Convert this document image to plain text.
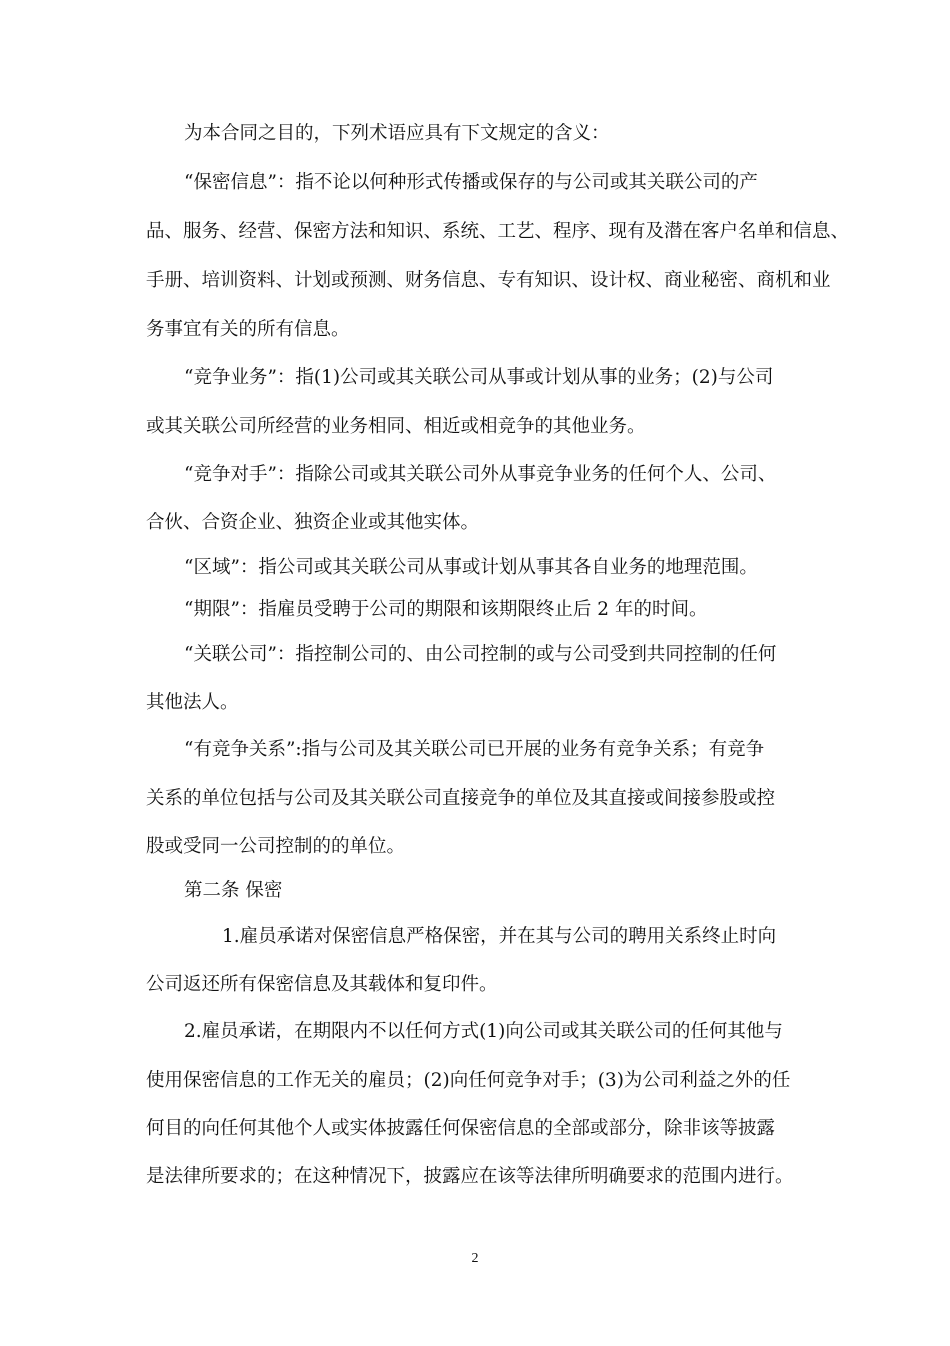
为本合同之目的，下列术语应具有下文规定的含义：
“保密信息”：指不论以何种形式传播或保存的与公司或其关联公司的产
品、服务、经营、保密方法和知识、系统、工艺、程序、现有及潜在客户名单和信息、
手册、培训资料、计划或预测、财务信息、专有知识、设计权、商业秘密、商机和业
务事宜有关的所有信息。
“竞争业务”：指(1)公司或其关联公司从事或计划从事的业务；(2)与公司
或其关联公司所经营的业务相同、相近或相竞争的其他业务。
“竞争对手”：指除公司或其关联公司外从事竞争业务的任何个人、公司、
合伙、合资企业、独资企业或其他实体。
“区域”：指公司或其关联公司从事或计划从事其各自业务的地理范围。
“期限”：指雇员受聘于公司的期限和该期限终止后 2 年的时间。
“关联公司”：指控制公司的、由公司控制的或与公司受到共同控制的任何
其他法人。
“有竞争关系”:指与公司及其关联公司已开展的业务有竞争关系；有竞争
关系的单位包括与公司及其关联公司直接竞争的单位及其直接或间接参股或控
股或受同一公司控制的的单位。
第二条 保密
1.雇员承诺对保密信息严格保密，并在其与公司的聘用关系终止时向
公司返还所有保密信息及其载体和复印件。
2.雇员承诺，在期限内不以任何方式(1)向公司或其关联公司的任何其他与
使用保密信息的工作无关的雇员；(2)向任何竞争对手；(3)为公司利益之外的任
何目的向任何其他个人或实体披露任何保密信息的全部或部分，除非该等披露
是法律所要求的；在这种情况下，披露应在该等法律所明确要求的范围内进行。
2
